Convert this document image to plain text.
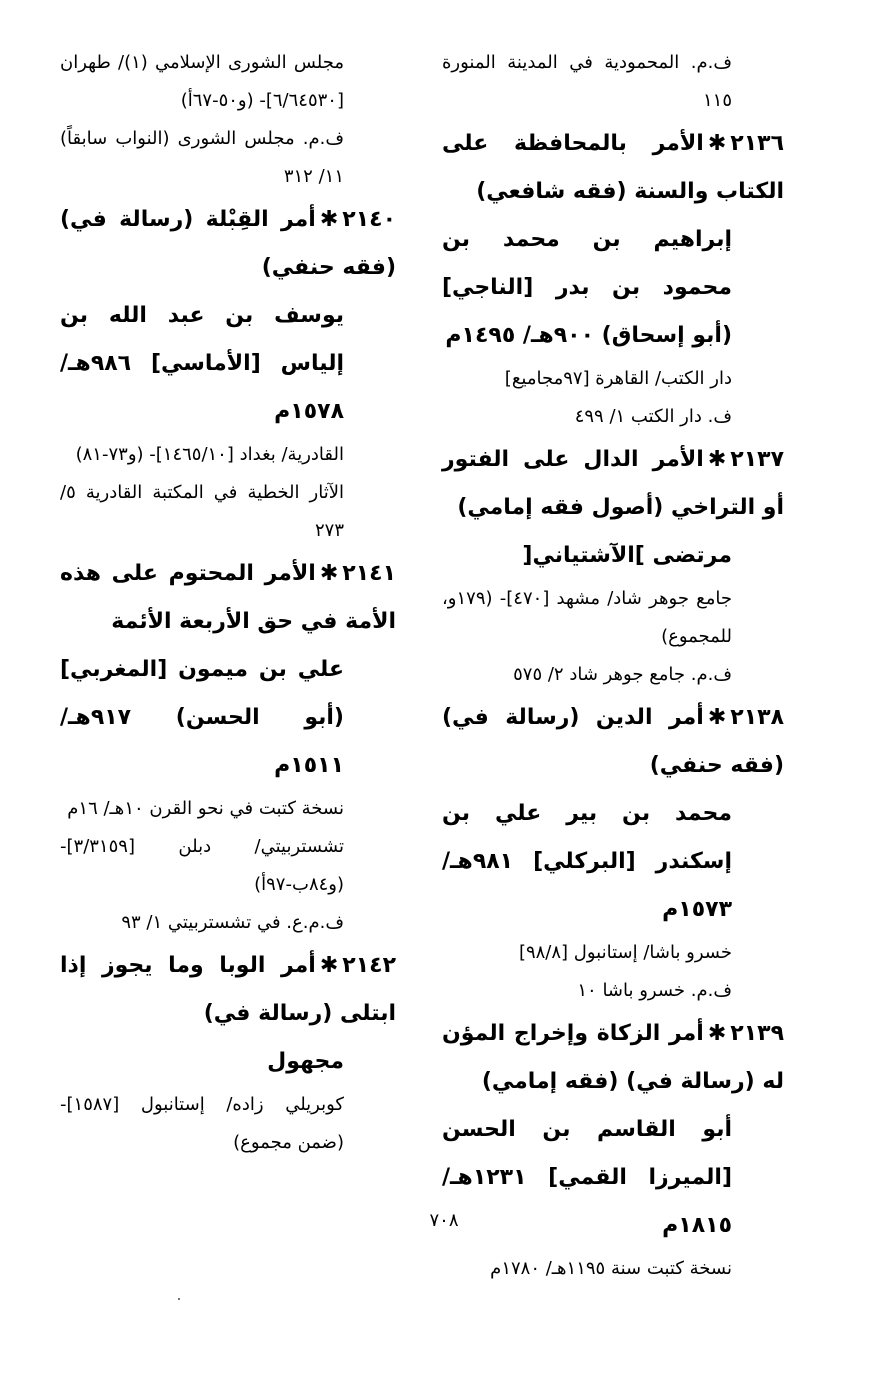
ف.م. المحمودية في المدينة المنورة ١١٥

٢١٣٦✱الأمر بالمحافظة على الكتاب والسنة (فقه شافعي)

إبراهيم بن محمد بن محمود بن بدر [الناجي] (أبو إسحاق) ٩٠٠هـ/ ١٤٩٥م

دار الكتب/ القاهرة [٩٧مجاميع]

ف. دار الكتب ١/ ٤٩٩

٢١٣٧✱الأمر الدال على الفتور أو التراخي (أصول فقه إمامي)

مرتضى ]الآشتياني[

جامع جوهر شاد/ مشهد [٤٧٠]- (١٧٩و، للمجموع)

ف.م. جامع جوهر شاد ٢/ ٥٧٥

٢١٣٨✱أمر الدين (رسالة في) (فقه حنفي)

محمد بن بير علي بن إسكندر [البركلي] ٩٨١هـ/ ١٥٧٣م

خسرو باشا/ إستانبول [٩٨/٨]

ف.م. خسرو باشا ١٠

٢١٣٩✱أمر الزكاة وإخراج المؤن له (رسالة في) (فقه إمامي)

أبو القاسم بن الحسن [الميرزا القمي] ١٢٣١هـ/ ١٨١٥م

نسخة كتبت سنة ١١٩٥هـ/ ١٧٨٠م

مجلس الشورى الإسلامي (١)/ طهران [٦/٦٤٥٣٠]- (و٥٠-٦٧أ)

ف.م. مجلس الشورى (النواب سابقاً) ١١/ ٣١٢

٢١٤٠✱أمر القِبْلة (رسالة في) (فقه حنفي)

يوسف بن عبد الله بن إلياس [الأماسي] ٩٨٦هـ/ ١٥٧٨م

القادرية/ بغداد [١٤٦٥/١٠]- (و٧٣-٨١)

الآثار الخطية في المكتبة القادرية ٥/ ٢٧٣

٢١٤١✱الأمر المحتوم على هذه الأمة في حق الأربعة الأئمة

علي بن ميمون [المغربي] (أبو الحسن) ٩١٧هـ/ ١٥١١م

نسخة كتبت في نحو القرن ١٠هـ/ ١٦م

تشستربيتي/ دبلن [٣/٣١٥٩]- (و٨٤ب-٩٧أ)

ف.م.ع. في تشستربيتي ١/ ٩٣

٢١٤٢✱أمر الوبا وما يجوز إذا ابتلى (رسالة في)

مجهول

كوبريلي زاده/ إستانبول [١٥٨٧]- (ضمن مجموع)

٧٠٨
